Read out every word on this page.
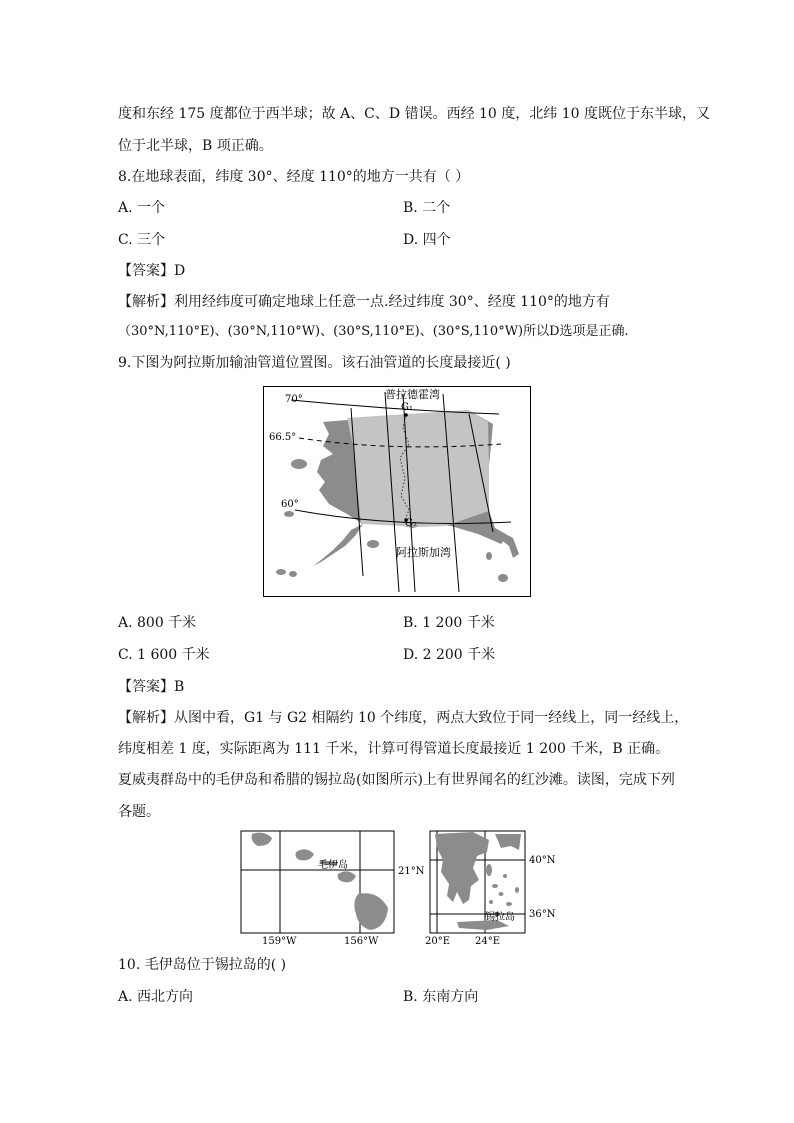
度和东经 175 度都位于西半球；故 A、C、D 错误。西经 10 度，北纬 10 度既位于东半球，又
位于北半球，B 项正确。
8.在地球表面，纬度 30°、经度 110°的地方一共有（ ）
A. 一个	B. 二个
C. 三个	D. 四个
【答案】D
【解析】利用经纬度可确定地球上任意一点.经过纬度 30°、经度 110°的地方有
（30°N,110°E)、(30°N,110°W)、(30°S,110°E)、(30°S,110°W)所以D选项是正确.
9.下图为阿拉斯加输油管道位置图。该石油管道的长度最接近( )
普拉德霍湾
G₁
G₂
阿拉斯加湾
70°
66.5°
60°
A. 800 千米	B. 1 200 千米
C. 1 600 千米	D. 2 200 千米
【答案】B
【解析】从图中看，G1 与 G2 相隔约 10 个纬度，两点大致位于同一经线上，同一经线上，
纬度相差 1 度，实际距离为 111 千米，计算可得管道长度最接近 1 200 千米，B 正确。
夏威夷群岛中的毛伊岛和希腊的锡拉岛(如图所示)上有世界闻名的红沙滩。读图，完成下列
各题。
毛伊岛
21°N
159°W	156°W
锡拉岛
40°N
36°N
20°E 24°E
10. 毛伊岛位于锡拉岛的( )
A. 西北方向	B. 东南方向
